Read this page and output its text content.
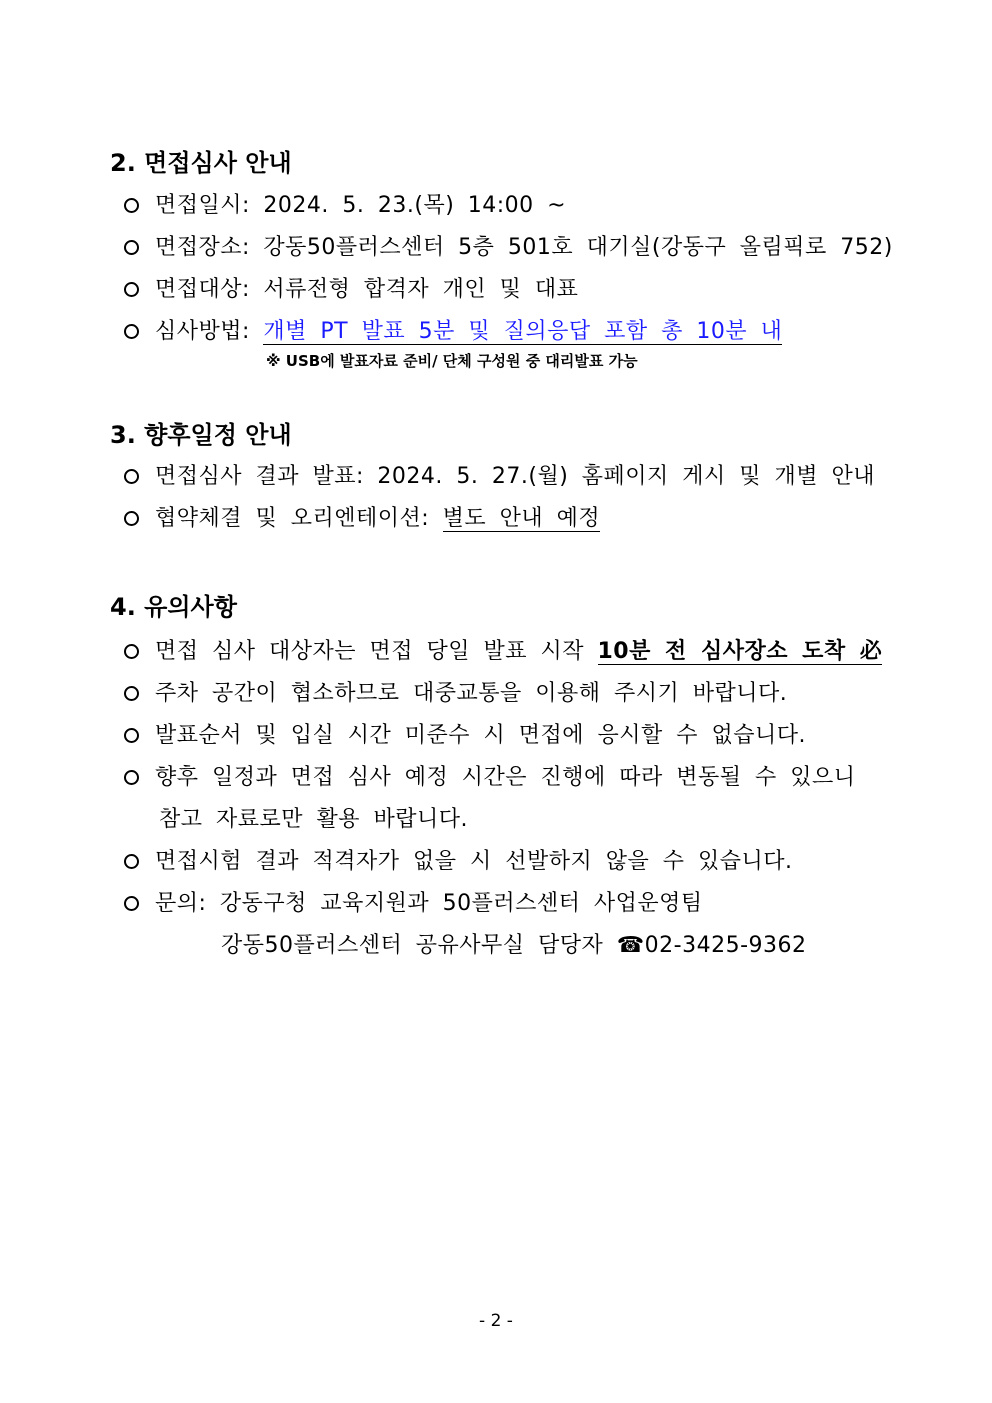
2. 면접심사 안내
면접일시: 2024. 5. 23.(목) 14:00 ~
면접장소: 강동50플러스센터 5층 501호 대기실(강동구 올림픽로 752)
면접대상: 서류전형 합격자 개인 및 대표
심사방법: 개별 PT 발표 5분 및 질의응답 포함 총 10분 내
※ USB에 발표자료 준비/ 단체 구성원 중 대리발표 가능
3. 향후일정 안내
면접심사 결과 발표: 2024. 5. 27.(월) 홈페이지 게시 및 개별 안내
협약체결 및 오리엔테이션: 별도 안내 예정
4. 유의사항
면접 심사 대상자는 면접 당일 발표 시작 10분 전 심사장소 도착 必
주차 공간이 협소하므로 대중교통을 이용해 주시기 바랍니다.
발표순서 및 입실 시간 미준수 시 면접에 응시할 수 없습니다.
향후 일정과 면접 심사 예정 시간은 진행에 따라 변동될 수 있으니
참고 자료로만 활용 바랍니다.
면접시험 결과 적격자가 없을 시 선발하지 않을 수 있습니다.
문의: 강동구청 교육지원과 50플러스센터 사업운영팀
강동50플러스센터 공유사무실 담당자 ☎02-3425-9362
- 2 -
